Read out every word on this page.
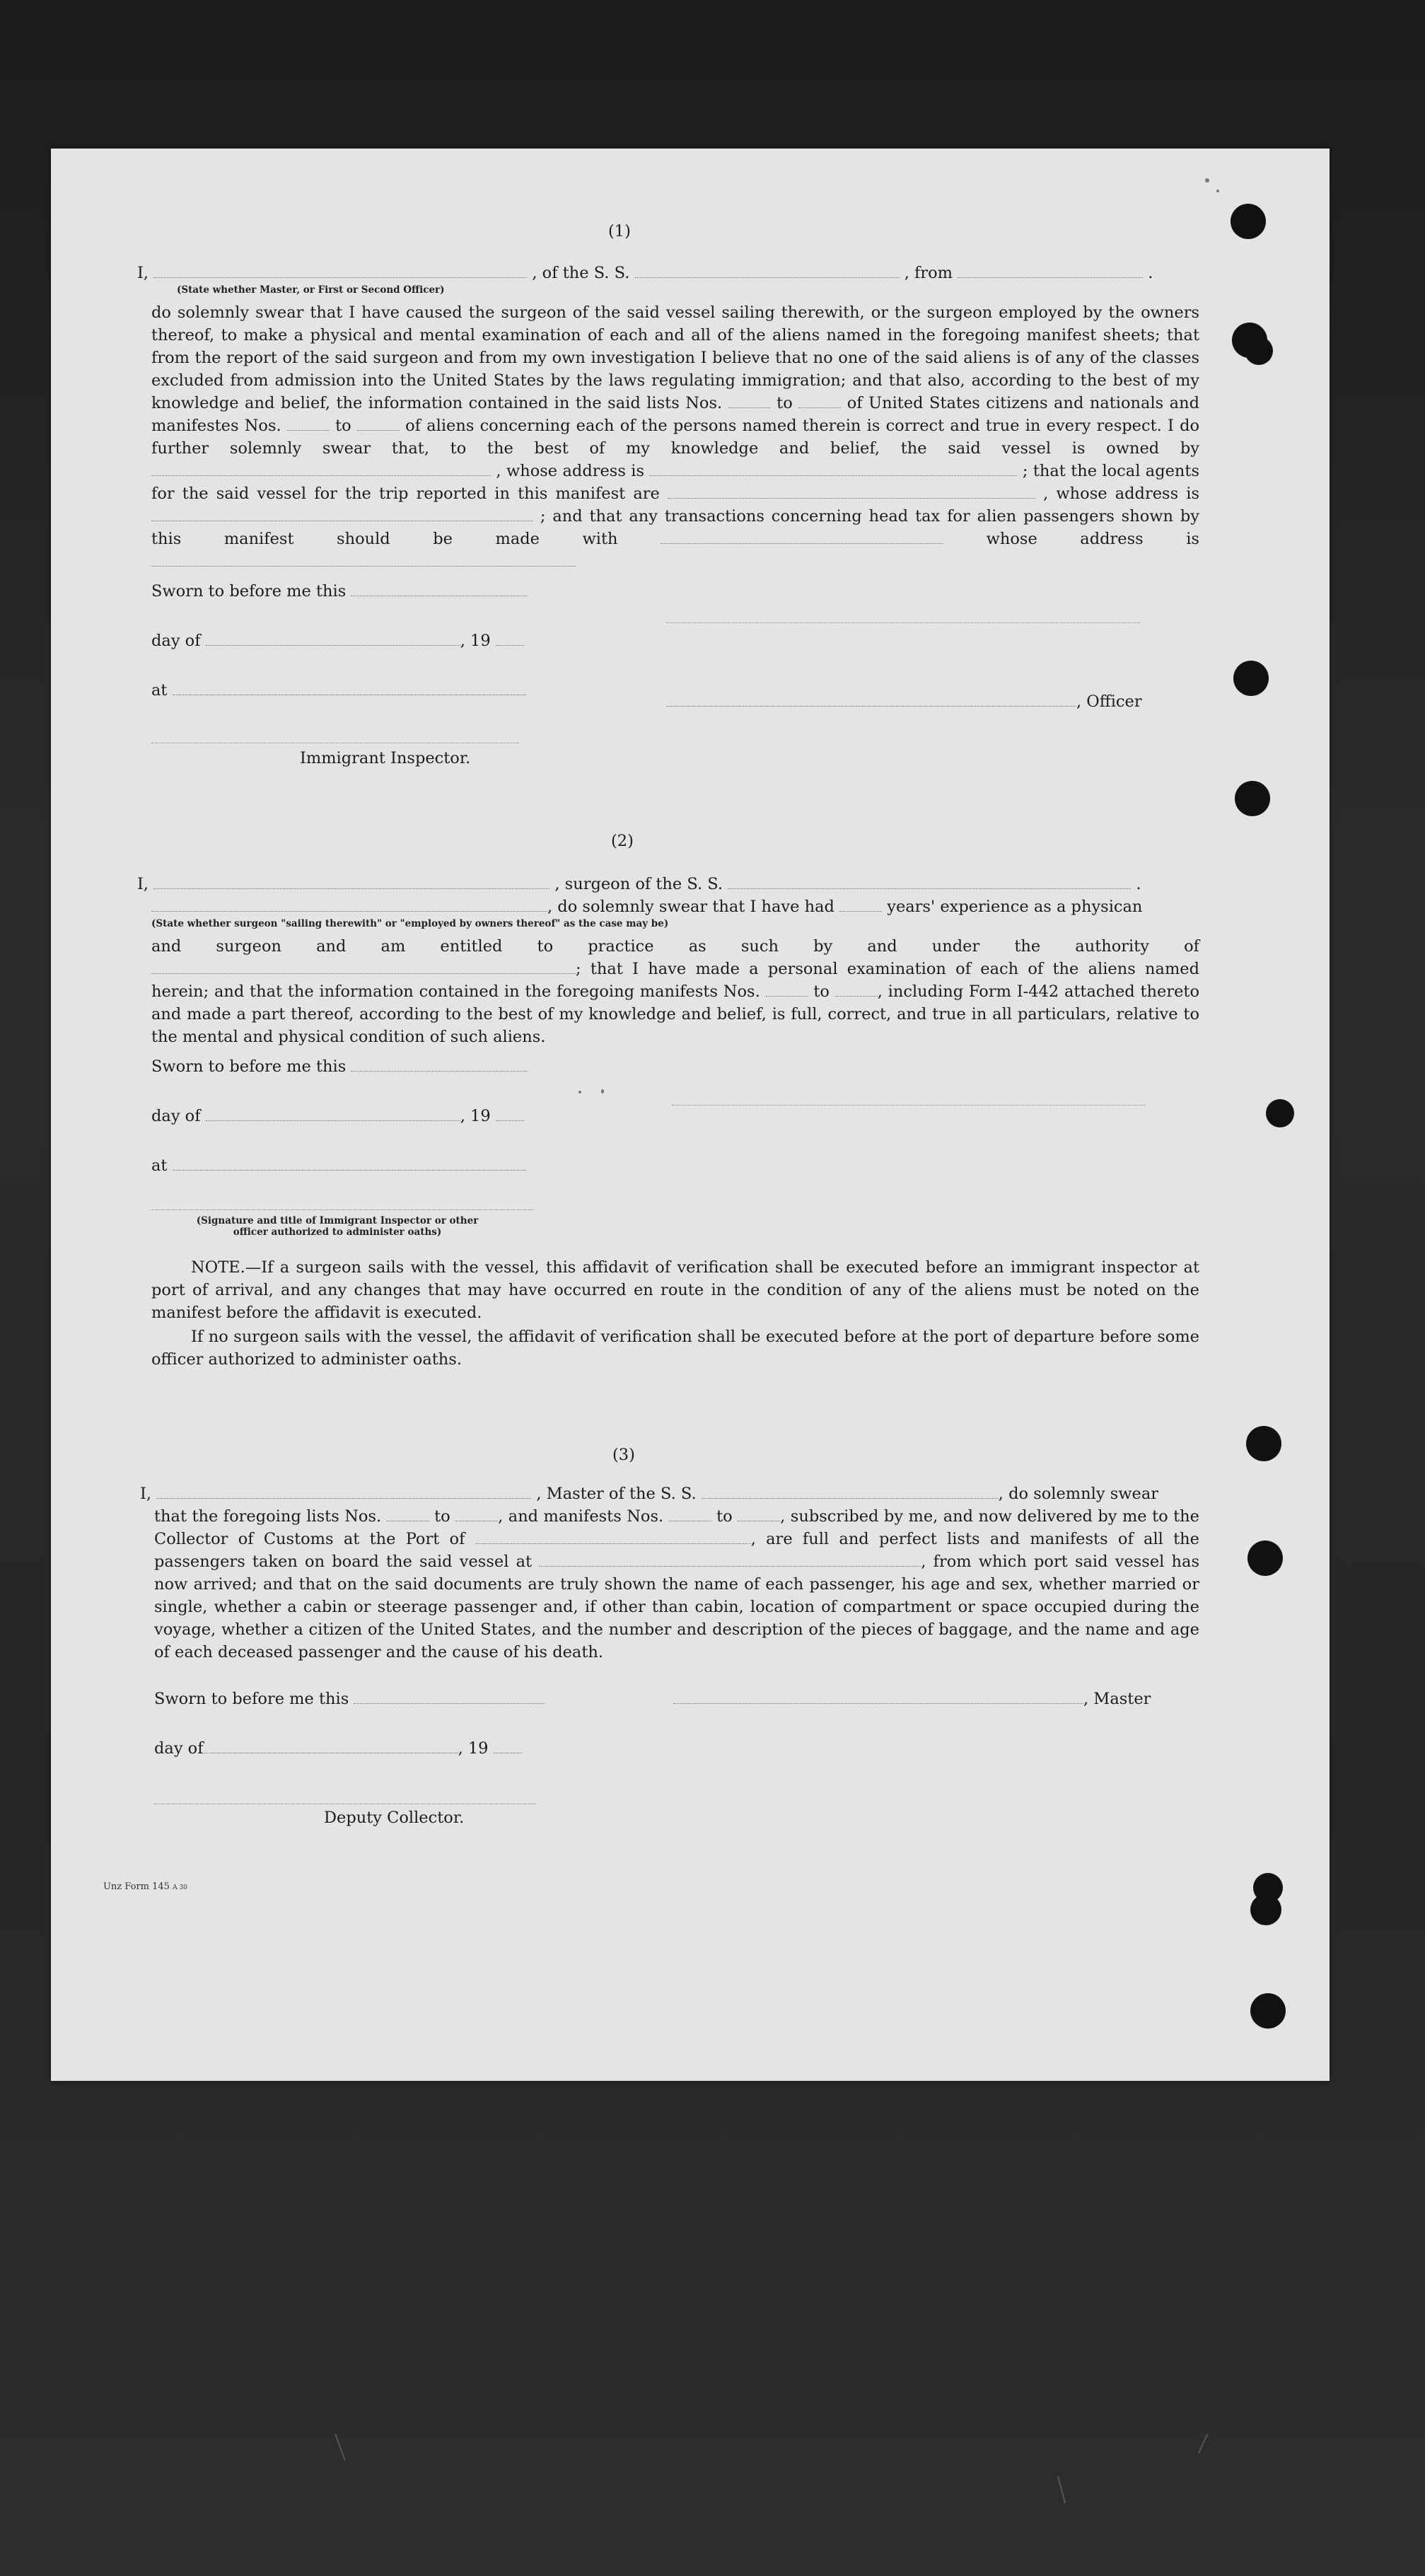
(1)
I,	, of the S. S.	, from	.
(State whether Master, or First or Second Officer)
do solemnly swear that I have caused the surgeon of the said vessel sailing therewith, or the surgeon employed by the owners thereof, to make a physical and mental examination of each and all of the aliens named in the foregoing manifest sheets; that from the report of the said surgeon and from my own investigation I believe that no one of the said aliens is of any of the classes excluded from admission into the United States by the laws regulating immigration; and that also, according to the best of my knowledge and belief, the information contained in the said lists Nos.	to	of United States citizens and nationals and manifestes Nos.	to	of aliens concerning each of the persons named therein is correct and true in every respect. I do further solemnly swear that, to the best of my knowledge and belief, the said vessel is owned by  , whose address is	; that the local agents for the said vessel for the trip reported in this manifest are	, whose address is  ; and that any transactions concerning head tax for alien passengers shown by this manifest should be made with	whose address is
Sworn to before me this
day of	, 19
at
, Officer
Immigrant Inspector.
(2)
I,	, surgeon of the S. S.	.
, do solemnly swear that I have had	years' experience as a physican
(State whether surgeon "sailing therewith" or "employed by owners thereof" as the case may be)
and surgeon and am entitled to practice as such by and under the authority of ; that I have made a personal examination of each of the aliens named herein; and that the information contained in the foregoing manifests Nos.	to	, including Form I-442 attached thereto and made a part thereof, according to the best of my knowledge and belief, is full, correct, and true in all particulars, relative to the mental and physical condition of such aliens.
Sworn to before me this
day of	, 19
at
(Signature and title of Immigrant Inspector or other
officer authorized to administer oaths)
NOTE.—If a surgeon sails with the vessel, this affidavit of verification shall be executed before an immigrant inspector at port of arrival, and any changes that may have occurred en route in the condition of any of the aliens must be noted on the manifest before the affidavit is executed.
If no surgeon sails with the vessel, the affidavit of verification shall be executed before at the port of departure before some officer authorized to administer oaths.
(3)
I,	, Master of the S. S.	, do solemnly swear
that the foregoing lists Nos.	to	, and manifests Nos.	to	, subscribed by me, and now delivered by me to the Collector of Customs at the Port of	, are full and perfect lists and manifests of all the passengers taken on board the said vessel at	, from which port said vessel has now arrived; and that on the said documents are truly shown the name of each passenger, his age and sex, whether married or single, whether a cabin or steerage passenger and, if other than cabin, location of compartment or space occupied during the voyage, whether a citizen of the United States, and the number and description of the pieces of baggage, and the name and age of each deceased passenger and the cause of his death.
Sworn to before me this	, Master
day of	, 19
Deputy Collector.
Unz Form 145 A 30
